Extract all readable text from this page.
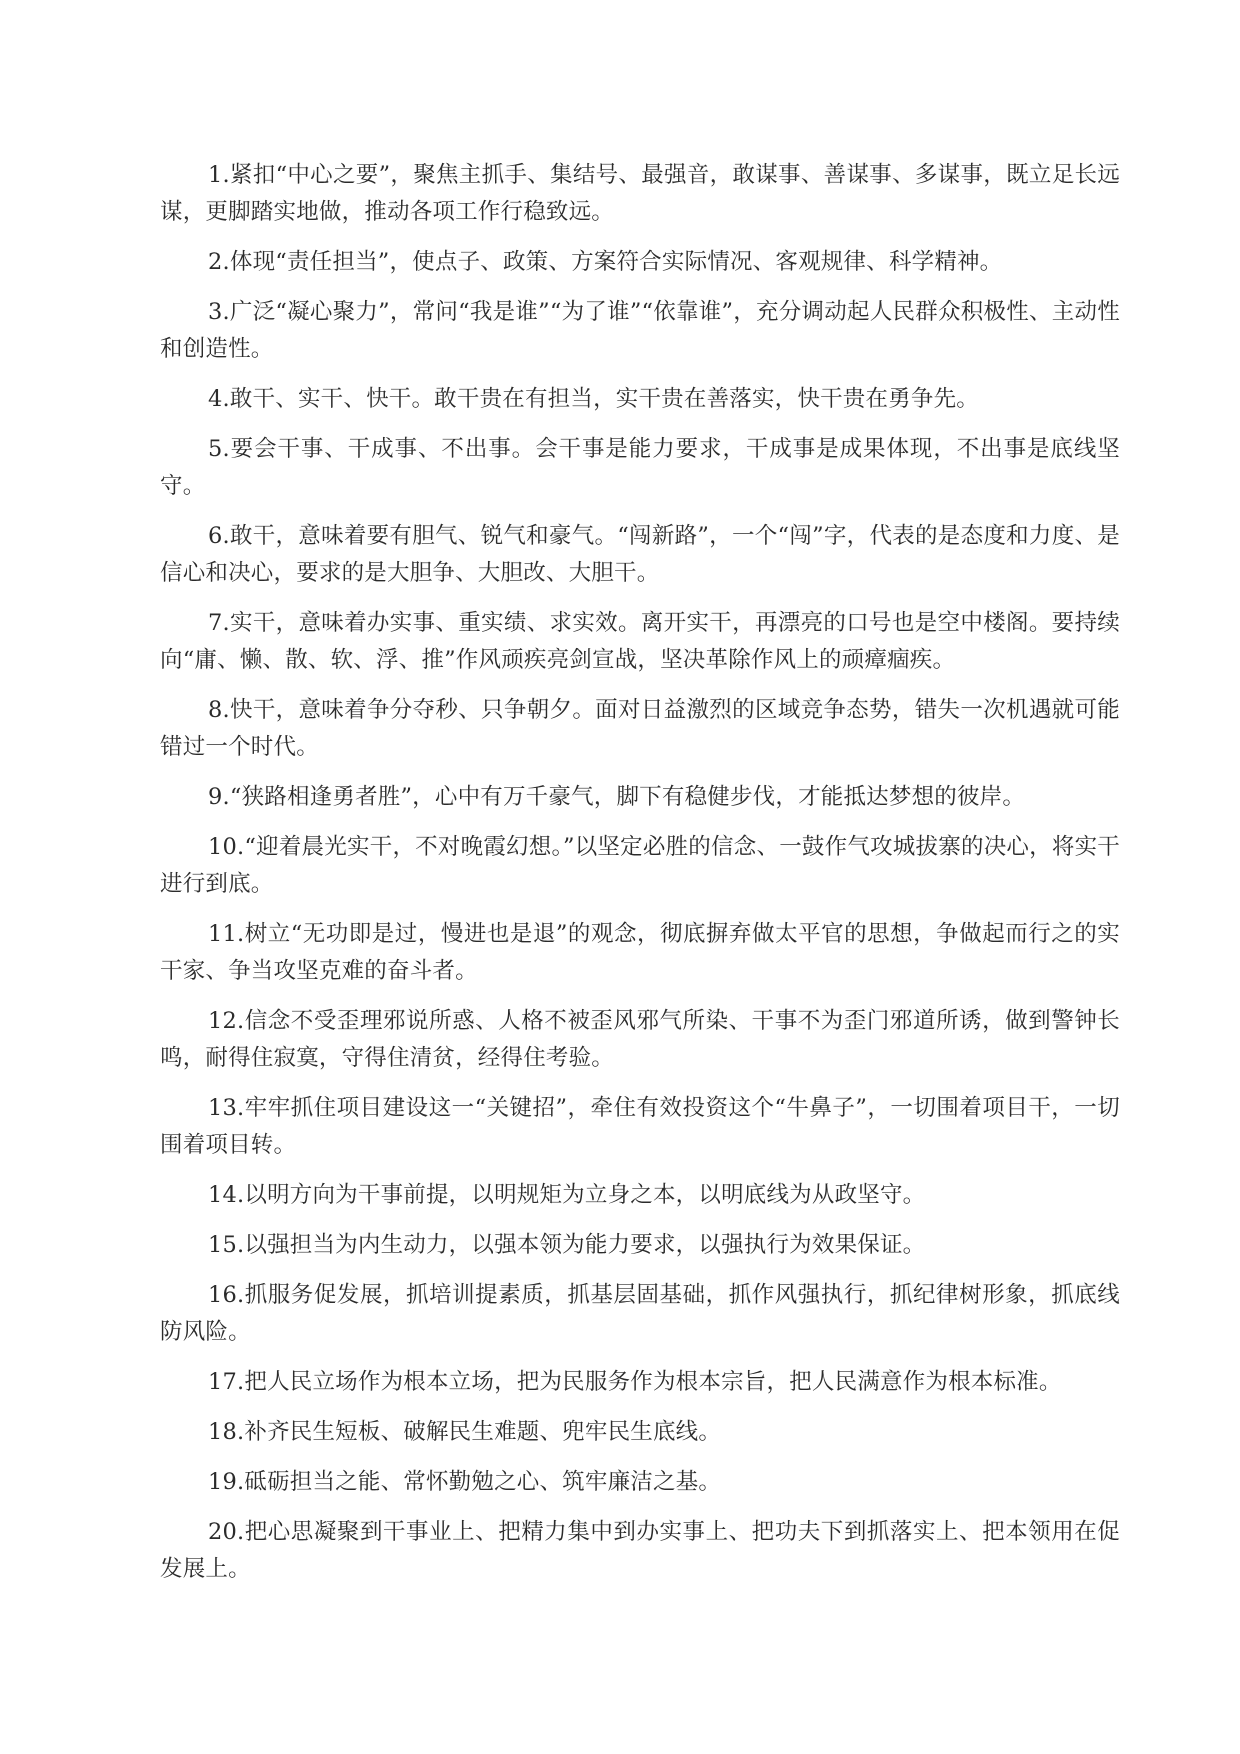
1.紧扣“中心之要”，聚焦主抓手、集结号、最强音，敢谋事、善谋事、多谋事，既立足长远谋，更脚踏实地做，推动各项工作行稳致远。

2.体现“责任担当”，使点子、政策、方案符合实际情况、客观规律、科学精神。

3.广泛“凝心聚力”，常问“我是谁”“为了谁”“依靠谁”，充分调动起人民群众积极性、主动性和创造性。

4.敢干、实干、快干。敢干贵在有担当，实干贵在善落实，快干贵在勇争先。

5.要会干事、干成事、不出事。会干事是能力要求，干成事是成果体现，不出事是底线坚守。

6.敢干，意味着要有胆气、锐气和豪气。“闯新路”，一个“闯”字，代表的是态度和力度、是信心和决心，要求的是大胆争、大胆改、大胆干。

7.实干，意味着办实事、重实绩、求实效。离开实干，再漂亮的口号也是空中楼阁。要持续向“庸、懒、散、软、浮、推”作风顽疾亮剑宣战，坚决革除作风上的顽瘴痼疾。

8.快干，意味着争分夺秒、只争朝夕。面对日益激烈的区域竞争态势，错失一次机遇就可能错过一个时代。

9.“狭路相逢勇者胜”，心中有万千豪气，脚下有稳健步伐，才能抵达梦想的彼岸。

10.“迎着晨光实干，不对晚霞幻想。”以坚定必胜的信念、一鼓作气攻城拔寨的决心，将实干进行到底。

11.树立“无功即是过，慢进也是退”的观念，彻底摒弃做太平官的思想，争做起而行之的实干家、争当攻坚克难的奋斗者。

12.信念不受歪理邪说所惑、人格不被歪风邪气所染、干事不为歪门邪道所诱，做到警钟长鸣，耐得住寂寞，守得住清贫，经得住考验。

13.牢牢抓住项目建设这一“关键招”，牵住有效投资这个“牛鼻子”，一切围着项目干，一切围着项目转。

14.以明方向为干事前提，以明规矩为立身之本，以明底线为从政坚守。

15.以强担当为内生动力，以强本领为能力要求，以强执行为效果保证。

16.抓服务促发展，抓培训提素质，抓基层固基础，抓作风强执行，抓纪律树形象，抓底线防风险。

17.把人民立场作为根本立场，把为民服务作为根本宗旨，把人民满意作为根本标准。

18.补齐民生短板、破解民生难题、兜牢民生底线。

19.砥砺担当之能、常怀勤勉之心、筑牢廉洁之基。

20.把心思凝聚到干事业上、把精力集中到办实事上、把功夫下到抓落实上、把本领用在促发展上。
